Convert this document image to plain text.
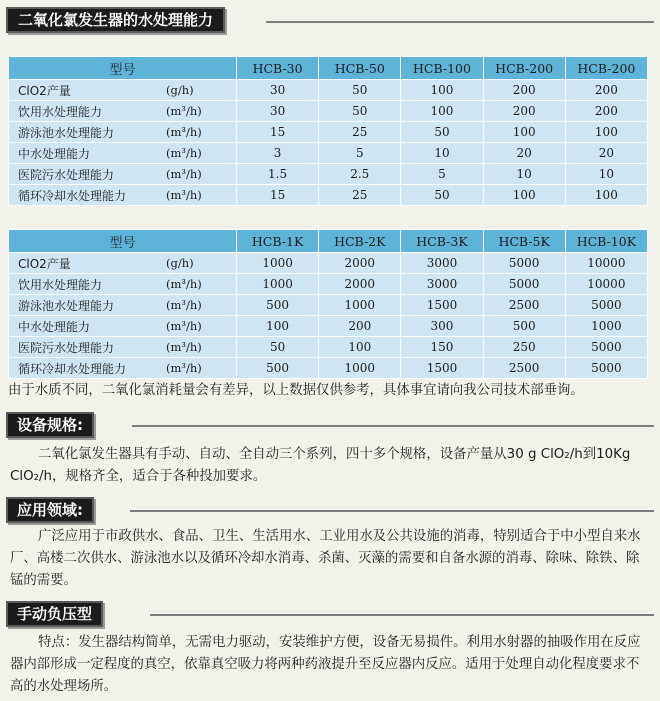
二氧化氯发生器的水处理能力
型号	HCB-30	HCB-50	HCB-100	HCB-200	HCB-200
ClO2产量 (g/h)	30	50	100	200	200
饮用水处理能力 (m³/h)	30	50	100	200	200
游泳池水处理能力 (m³/h)	15	25	50	100	100
中水处理能力 (m³/h)	3	5	10	20	20
医院污水处理能力 (m³/h)	1.5	2.5	5	10	10
循环冷却水处理能力 (m³/h)	15	25	50	100	100
型号	HCB-1K	HCB-2K	HCB-3K	HCB-5K	HCB-10K
ClO2产量 (g/h)	1000	2000	3000	5000	10000
饮用水处理能力 (m³/h)	1000	2000	3000	5000	10000
游泳池水处理能力 (m³/h)	500	1000	1500	2500	5000
中水处理能力 (m³/h)	100	200	300	500	1000
医院污水处理能力 (m³/h)	50	100	150	250	5000
循环冷却水处理能力 (m³/h)	500	1000	1500	2500	5000
由于水质不同，二氧化氯消耗量会有差异，以上数据仅供参考，具体事宜请向我公司技术部垂询。
设备规格:
二氧化氯发生器具有手动、自动、全自动三个系列，四十多个规格，设备产量从30 g ClO₂/h到10Kg ClO₂/h，规格齐全，适合于各种投加要求。
应用领域:
广泛应用于市政供水、食品、卫生、生活用水、工业用水及公共设施的消毒，特别适合于中小型自来水厂、高楼二次供水、游泳池水以及循环冷却水消毒、杀菌、灭藻的需要和自备水源的消毒、除味、除铁、除锰的需要。
手动负压型
特点：发生器结构简单，无需电力驱动，安装维护方便，设备无易损件。利用水射器的抽吸作用在反应器内部形成一定程度的真空，依靠真空吸力将两种药液提升至反应器内反应。适用于处理自动化程度要求不高的水处理场所。
